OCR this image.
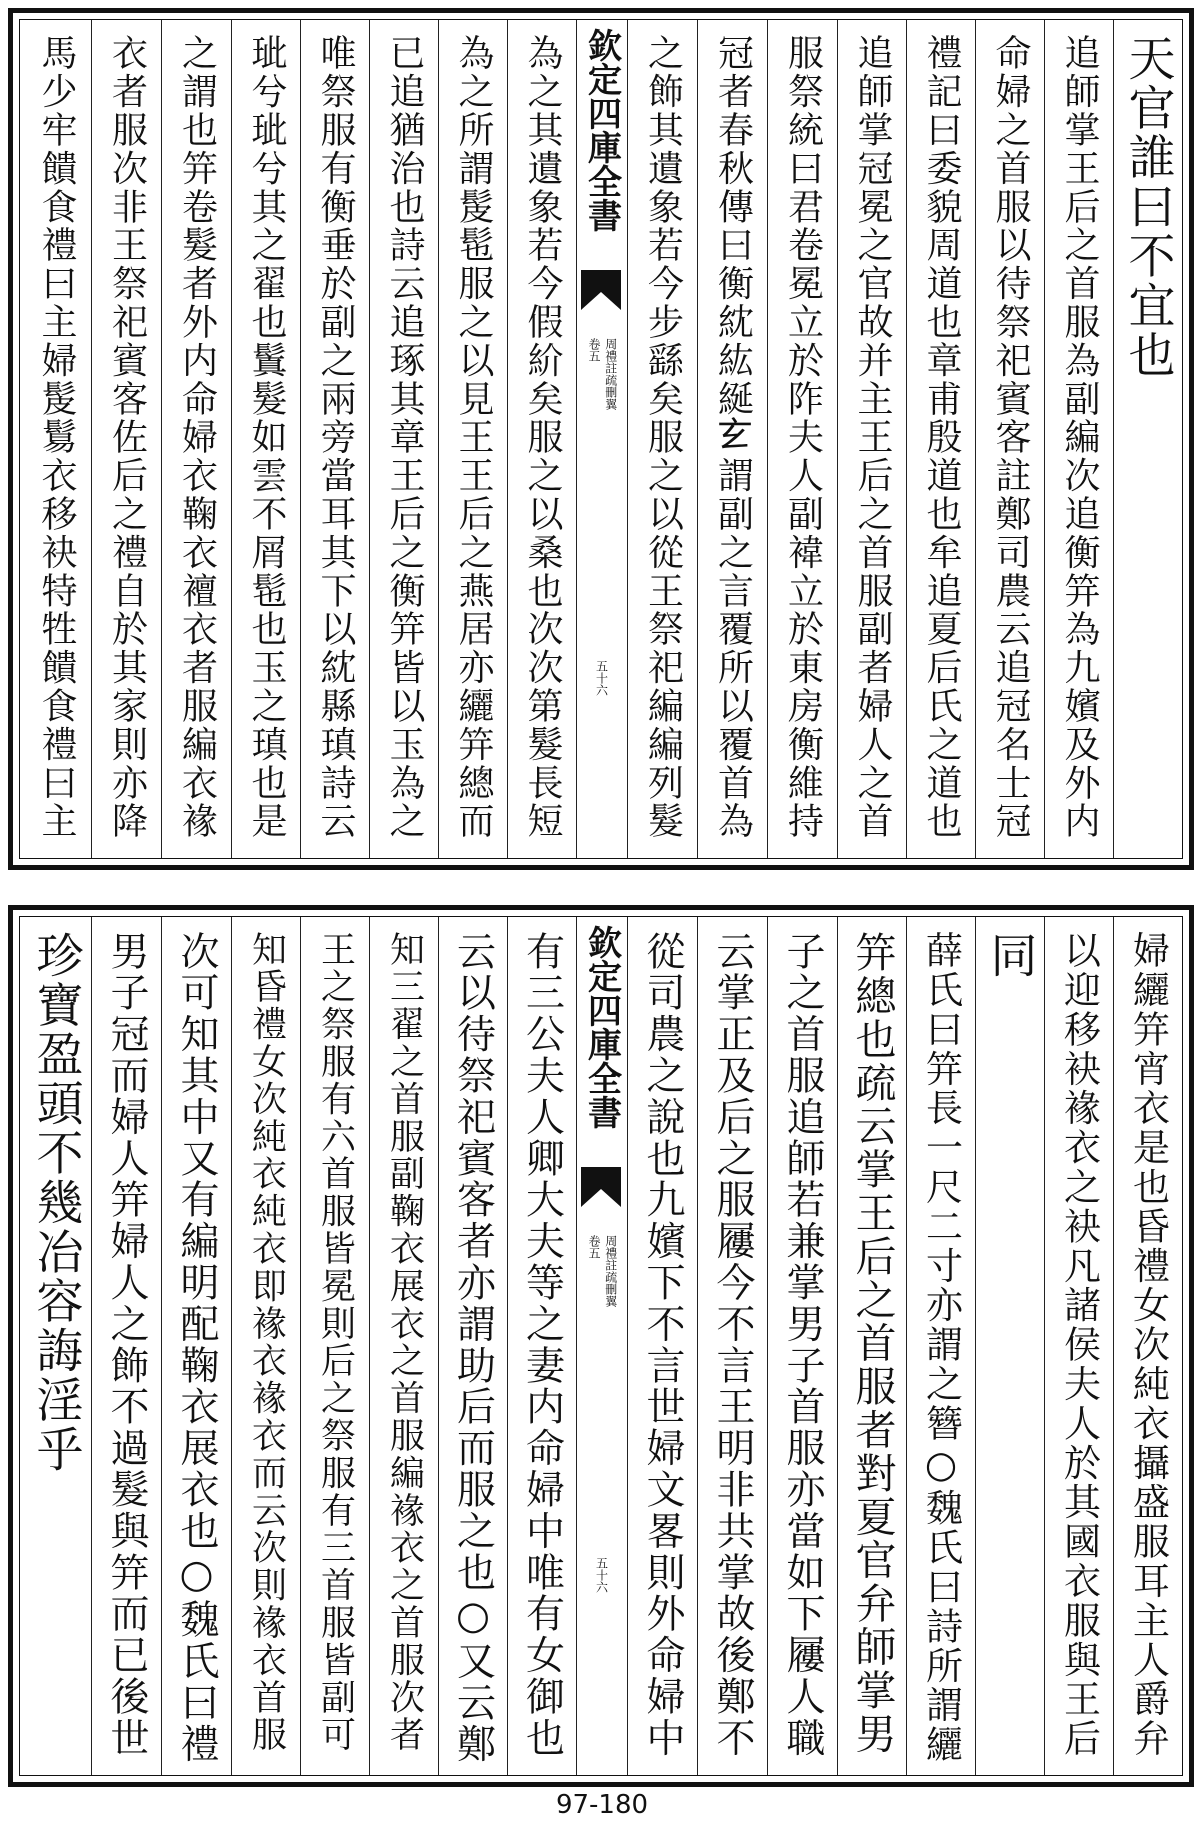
天官誰曰不宜也
追師掌王后之首服為副編次追衡笄為九嬪及外内
命婦之首服以待祭祀賓客註鄭司農云追冠名士冠
禮記曰委貌周道也章甫殷道也牟追夏后氏之道也
追師掌冠冕之官故并主王后之首服副者婦人之首
服祭統曰君卷冕立於阼夫人副褘立於東房衡維持
冠者春秋傳曰衡紞紘綖𤣥謂副之言覆所以覆首為
之飾其遺象若今步繇矣服之以從王祭祀編編列髮
欽定四庫全書
周禮註疏刪翼
卷五
五十六
為之其遺象若今假紒矣服之以桑也次次第髮長短
為之所謂髲髢服之以見王王后之燕居亦纚笄總而
已追猶治也詩云追琢其章王后之衡笄皆以玉為之
唯祭服有衡垂於副之兩旁當耳其下以紞縣瑱詩云
玼兮玼兮其之翟也鬒髮如雲不屑髢也玉之瑱也是
之謂也笄卷髮者外内命婦衣鞠衣襢衣者服編衣褖
衣者服次非王祭祀賓客佐后之禮自於其家則亦降
馬少牢饋食禮曰主婦髲鬄衣移袂特牲饋食禮曰主
婦纚笄宵衣是也昏禮女次純衣攝盛服耳主人爵弁
以迎移袂褖衣之袂凡諸侯夫人於其國衣服與王后
同
薛氏曰笄長一尺二寸亦謂之簪○魏氏曰詩所謂纚
笄總也疏云掌王后之首服者對夏官弁師掌男
子之首服追師若兼掌男子首服亦當如下屨人職
云掌正及后之服屨今不言王明非共掌故後鄭不
從司農之說也九嬪下不言世婦文畧則外命婦中
欽定四庫全書
周禮註疏刪翼
卷五
五十六
有三公夫人卿大夫等之妻内命婦中唯有女御也
云以待祭祀賓客者亦謂助后而服之也○又云鄭
知三翟之首服副鞠衣展衣之首服編褖衣之首服次者
王之祭服有六首服皆冕則后之祭服有三首服皆副可
知昏禮女次純衣純衣即褖衣褖衣而云次則褖衣首服
次可知其中又有編明配鞠衣展衣也○魏氏曰禮
男子冠而婦人笄婦人之飾不過髮與笄而已後世
珍寶盈頭不幾冶容誨淫乎
97-180
